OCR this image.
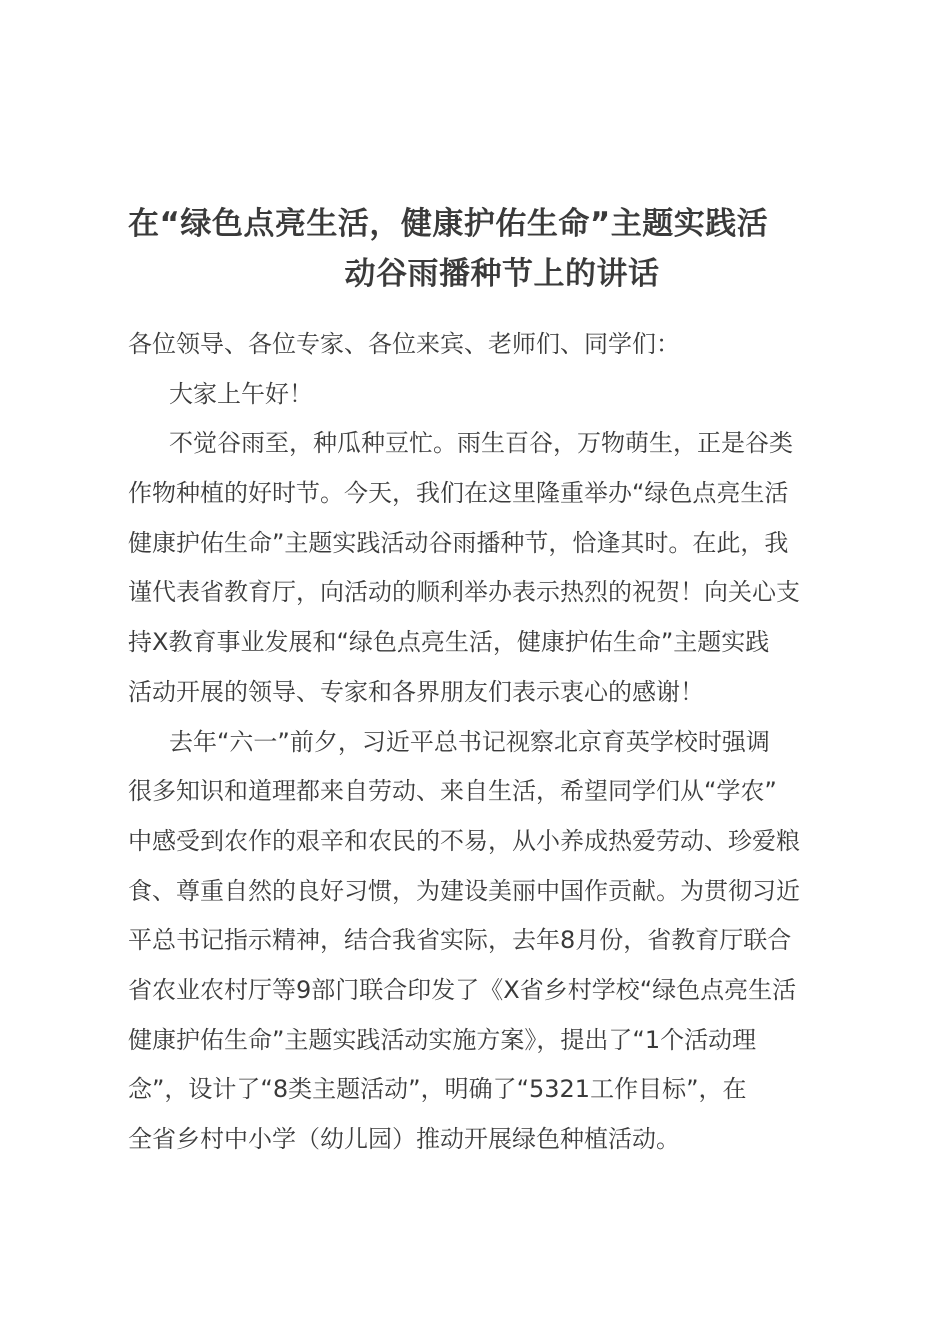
在“绿色点亮生活，健康护佑生命”主题实践活
动谷雨播种节上的讲话
各位领导、各位专家、各位来宾、老师们、同学们：
大家上午好！
不觉谷雨至，种瓜种豆忙。雨生百谷，万物萌生，正是谷类
作物种植的好时节。今天，我们在这里隆重举办“绿色点亮生活
健康护佑生命”主题实践活动谷雨播种节，恰逢其时。在此，我
谨代表省教育厅，向活动的顺利举办表示热烈的祝贺！向关心支
持X教育事业发展和“绿色点亮生活，健康护佑生命”主题实践
活动开展的领导、专家和各界朋友们表示衷心的感谢！
去年“六一”前夕，习近平总书记视察北京育英学校时强调
很多知识和道理都来自劳动、来自生活，希望同学们从“学农”
中感受到农作的艰辛和农民的不易，从小养成热爱劳动、珍爱粮
食、尊重自然的良好习惯，为建设美丽中国作贡献。为贯彻习近
平总书记指示精神，结合我省实际，去年8月份，省教育厅联合
省农业农村厅等9部门联合印发了《X省乡村学校“绿色点亮生活
健康护佑生命”主题实践活动实施方案》，提出了“1个活动理
念”，设计了“8类主题活动”，明确了“5321工作目标”，在
全省乡村中小学（幼儿园）推动开展绿色种植活动。
